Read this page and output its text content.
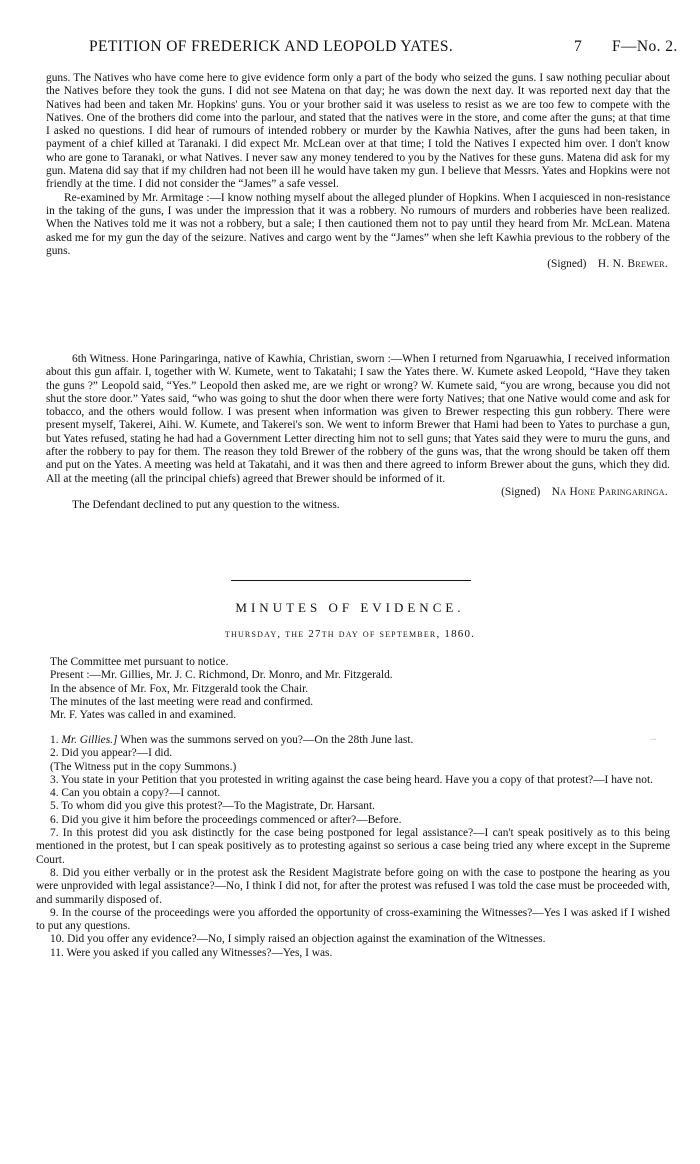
PETITION OF FREDERICK AND LEOPOLD YATES.	7 F—No. 2.

guns. The Natives who have come here to give evidence form only a part of the body who seized the guns. I saw nothing peculiar about the Natives before they took the guns. I did not see Matena on that day; he was down the next day. It was reported next day that the Natives had been and taken Mr. Hopkins' guns. You or your brother said it was useless to resist as we are too few to compete with the Natives. One of the brothers did come into the parlour, and stated that the natives were in the store, and come after the guns; at that time I asked no questions. I did hear of rumours of intended robbery or murder by the Kawhia Natives, after the guns had been taken, in payment of a chief killed at Taranaki. I did expect Mr. McLean over at that time; I told the Natives I expected him over. I don't know who are gone to Taranaki, or what Natives. I never saw any money tendered to you by the Natives for these guns. Matena did ask for my gun. Matena did say that if my children had not been ill he would have taken my gun. I believe that Messrs. Yates and Hopkins were not friendly at the time. I did not consider the “James” a safe vessel.

Re-examined by Mr. Armitage :—I know nothing myself about the alleged plunder of Hopkins. When I acquiesced in non-resistance in the taking of the guns, I was under the impression that it was a robbery. No rumours of murders and robberies have been realized. When the Natives told me it was not a robbery, but a sale; I then cautioned them not to pay until they heard from Mr. McLean. Matena asked me for my gun the day of the seizure. Natives and cargo went by the “James” when she left Kawhia previous to the robbery of the guns.

(Signed) H. N. Brewer.

6th Witness. Hone Paringaringa, native of Kawhia, Christian, sworn :—When I returned from Ngaruawhia, I received information about this gun affair. I, together with W. Kumete, went to Takatahi; I saw the Yates there. W. Kumete asked Leopold, “Have they taken the guns ?” Leopold said, “Yes.” Leopold then asked me, are we right or wrong? W. Kumete said, “you are wrong, because you did not shut the store door.” Yates said, “who was going to shut the door when there were forty Natives; that one Native would come and ask for tobacco, and the others would follow. I was present when information was given to Brewer respecting this gun robbery. There were present myself, Takerei, Aihi. W. Kumete, and Takerei's son. We went to inform Brewer that Hami had been to Yates to purchase a gun, but Yates refused, stating he had had a Government Letter directing him not to sell guns; that Yates said they were to muru the guns, and after the robbery to pay for them. The reason they told Brewer of the robbery of the guns was, that the wrong should be taken off them and put on the Yates. A meeting was held at Takatahi, and it was then and there agreed to inform Brewer about the guns, which they did. All at the meeting (all the principal chiefs) agreed that Brewer should be informed of it.

(Signed) Na Hone Paringaringa.

The Defendant declined to put any question to the witness.

MINUTES OF EVIDENCE.
thursday, the 27th day of september, 1860.

The Committee met pursuant to notice.

Present :—Mr. Gillies, Mr. J. C. Richmond, Dr. Monro, and Mr. Fitzgerald.

In the absence of Mr. Fox, Mr. Fitzgerald took the Chair.

The minutes of the last meeting were read and confirmed.

Mr. F. Yates was called in and examined.

1. Mr. Gillies.] When was the summons served on you?—On the 28th June last.

2. Did you appear?—I did.

(The Witness put in the copy Summons.)

3. You state in your Petition that you protested in writing against the case being heard. Have you a copy of that protest?—I have not.

4. Can you obtain a copy?—I cannot.

5. To whom did you give this protest?—To the Magistrate, Dr. Harsant.

6. Did you give it him before the proceedings commenced or after?—Before.

7. In this protest did you ask distinctly for the case being postponed for legal assistance?—I can't speak positively as to this being mentioned in the protest, but I can speak positively as to protesting against so serious a case being tried any where except in the Supreme Court.

8. Did you either verbally or in the protest ask the Resident Magistrate before going on with the case to postpone the hearing as you were unprovided with legal assistance?—No, I think I did not, for after the protest was refused I was told the case must be proceeded with, and summarily disposed of.

9. In the course of the proceedings were you afforded the opportunity of cross-examining the Witnesses?—Yes I was asked if I wished to put any questions.

10. Did you offer any evidence?—No, I simply raised an objection against the examination of the Witnesses.

11. Were you asked if you called any Witnesses?—Yes, I was.

·~
